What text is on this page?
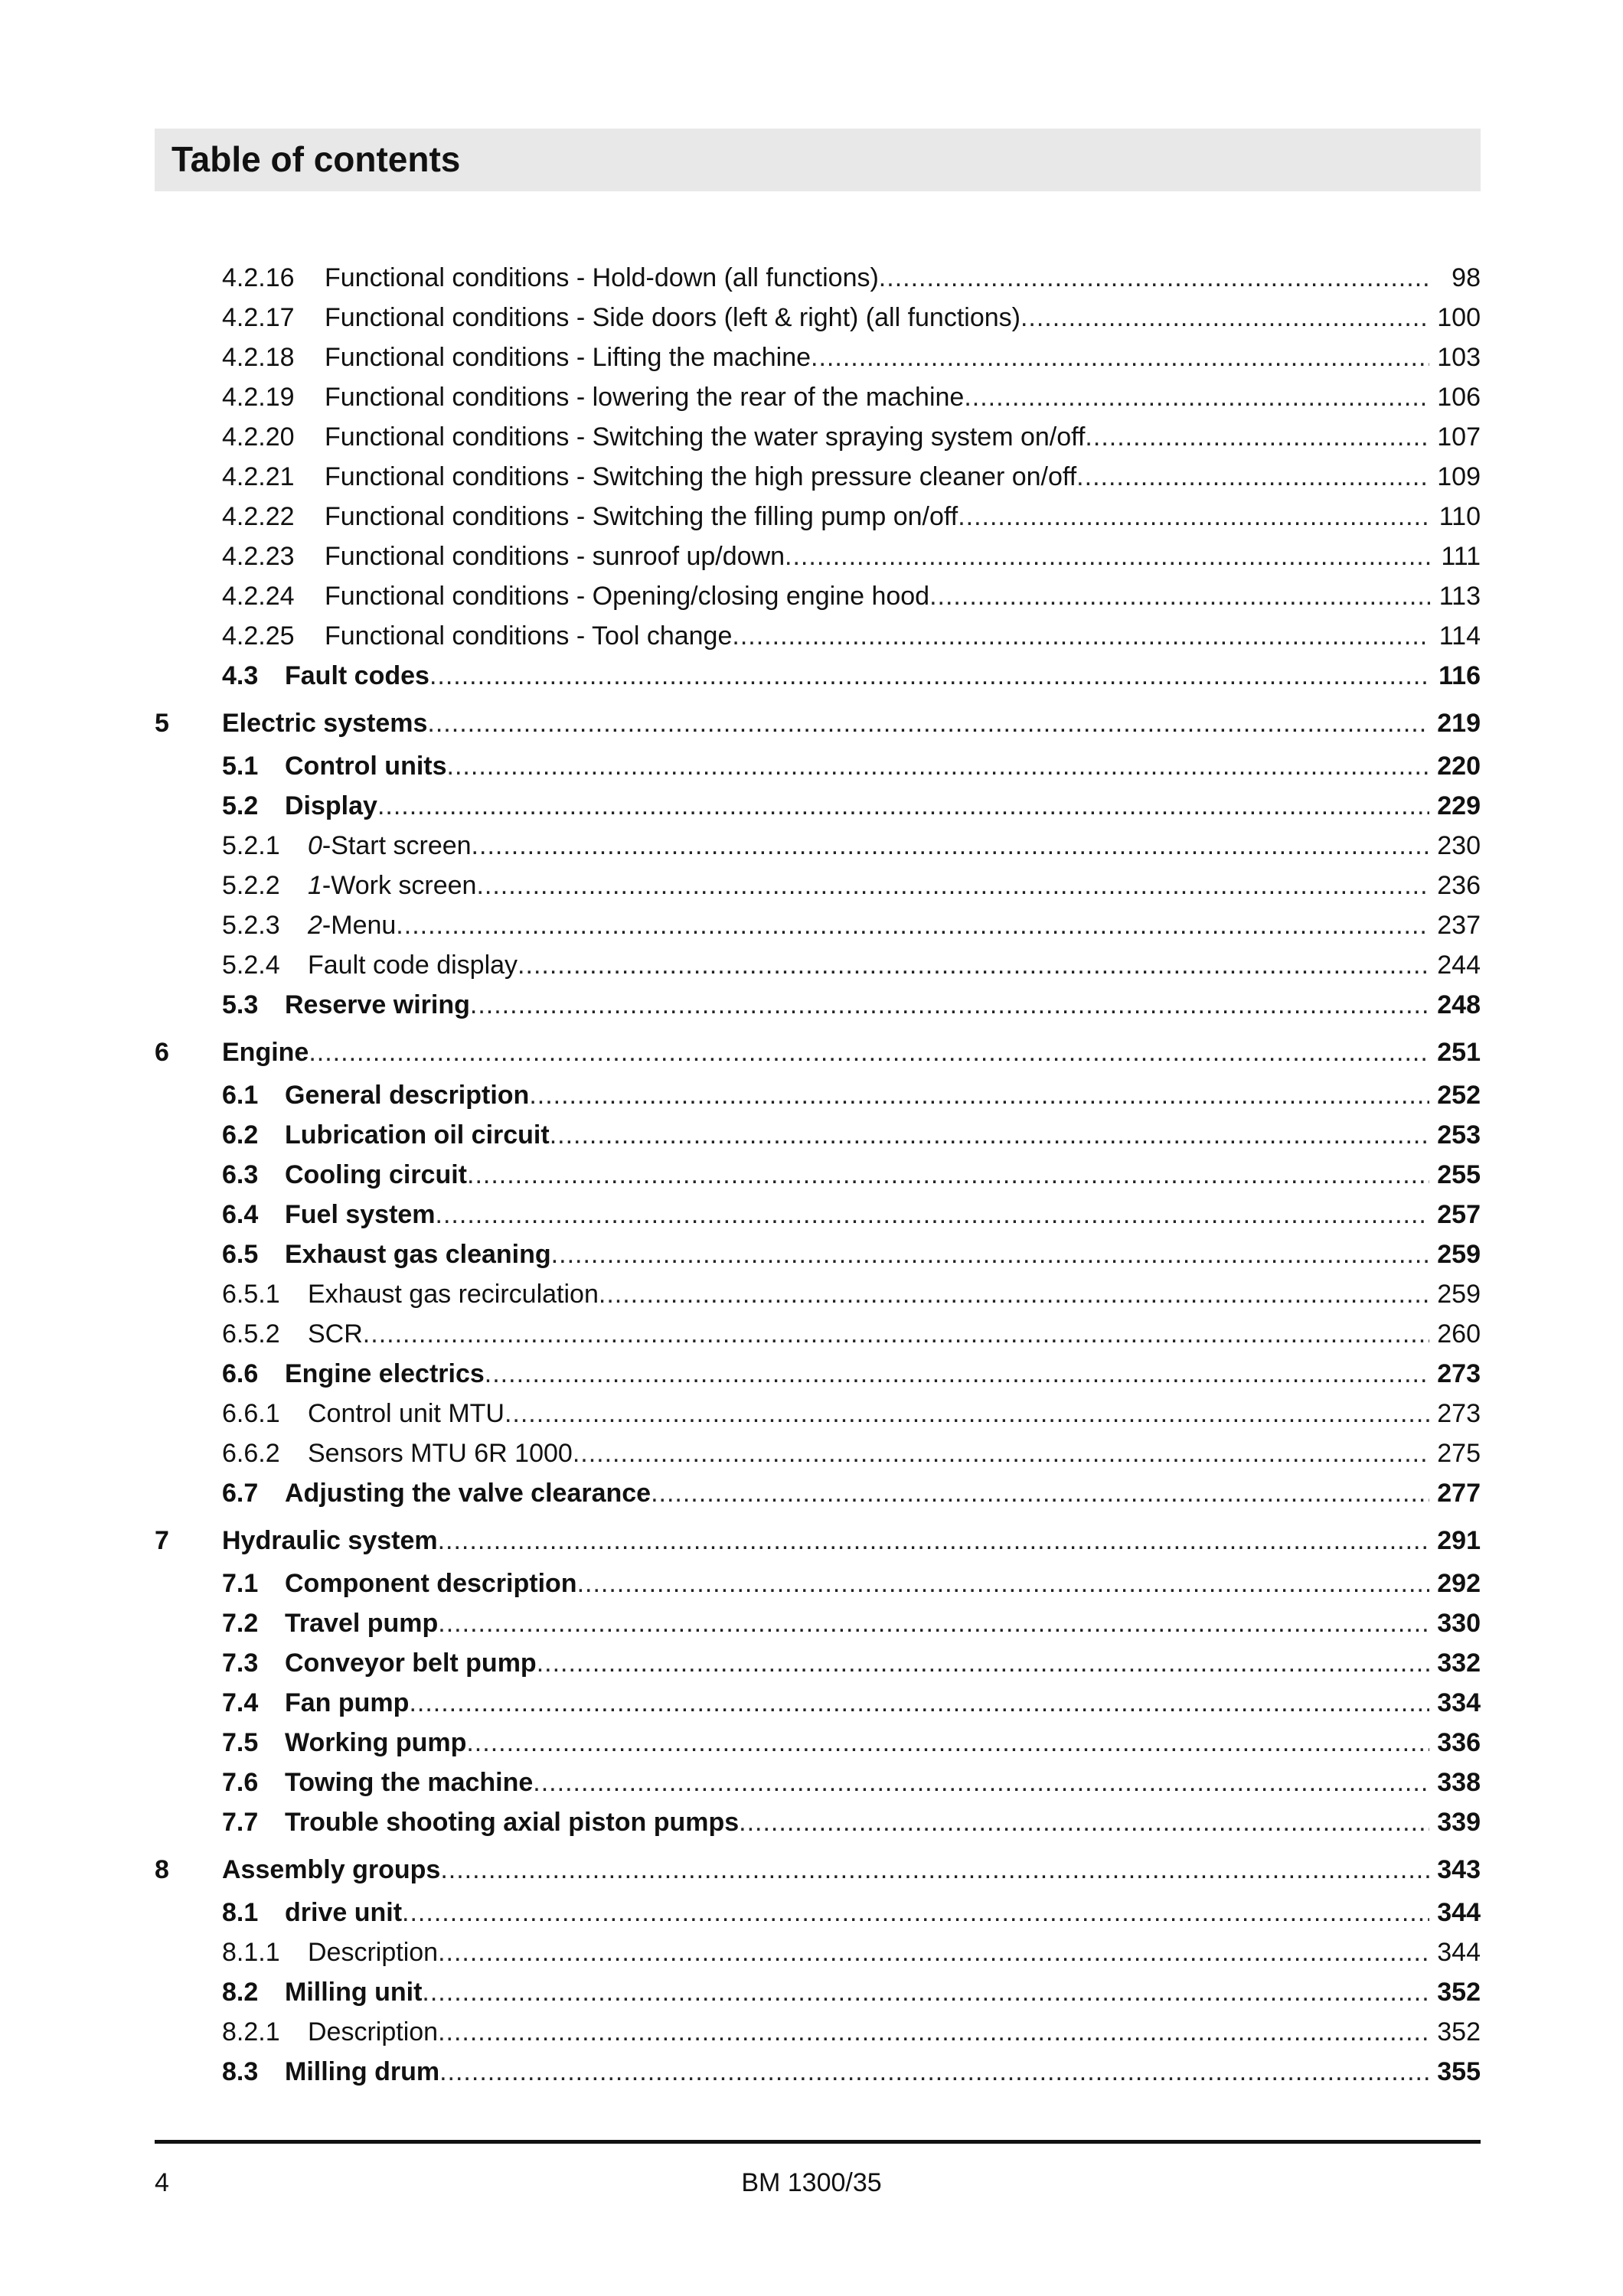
Table of contents
4.2.16 Functional conditions - Hold-down (all functions) .....	98
4.2.17 Functional conditions - Side doors (left & right) (all functions) .....	100
4.2.18 Functional conditions - Lifting the machine .....	103
4.2.19 Functional conditions - lowering the rear of the machine .....	106
4.2.20 Functional conditions - Switching the water spraying system on/off .....	107
4.2.21 Functional conditions - Switching the high pressure cleaner on/off .....	109
4.2.22 Functional conditions - Switching the filling pump on/off .....	110
4.2.23 Functional conditions - sunroof up/down .....	111
4.2.24 Functional conditions - Opening/closing engine hood .....	113
4.2.25 Functional conditions - Tool change .....	114
4.3 Fault codes .....	116
5 Electric systems .....	219
5.1 Control units .....	220
5.2 Display .....	229
5.2.1 0-Start screen .....	230
5.2.2 1-Work screen .....	236
5.2.3 2-Menu .....	237
5.2.4 Fault code display .....	244
5.3 Reserve wiring .....	248
6 Engine .....	251
6.1 General description .....	252
6.2 Lubrication oil circuit .....	253
6.3 Cooling circuit .....	255
6.4 Fuel system .....	257
6.5 Exhaust gas cleaning .....	259
6.5.1 Exhaust gas recirculation .....	259
6.5.2 SCR .....	260
6.6 Engine electrics .....	273
6.6.1 Control unit MTU .....	273
6.6.2 Sensors MTU 6R 1000 .....	275
6.7 Adjusting the valve clearance .....	277
7 Hydraulic system .....	291
7.1 Component description .....	292
7.2 Travel pump .....	330
7.3 Conveyor belt pump .....	332
7.4 Fan pump .....	334
7.5 Working pump .....	336
7.6 Towing the machine .....	338
7.7 Trouble shooting axial piston pumps .....	339
8 Assembly groups .....	343
8.1 drive unit .....	344
8.1.1 Description .....	344
8.2 Milling unit .....	352
8.2.1 Description .....	352
8.3 Milling drum .....	355
4	BM 1300/35
